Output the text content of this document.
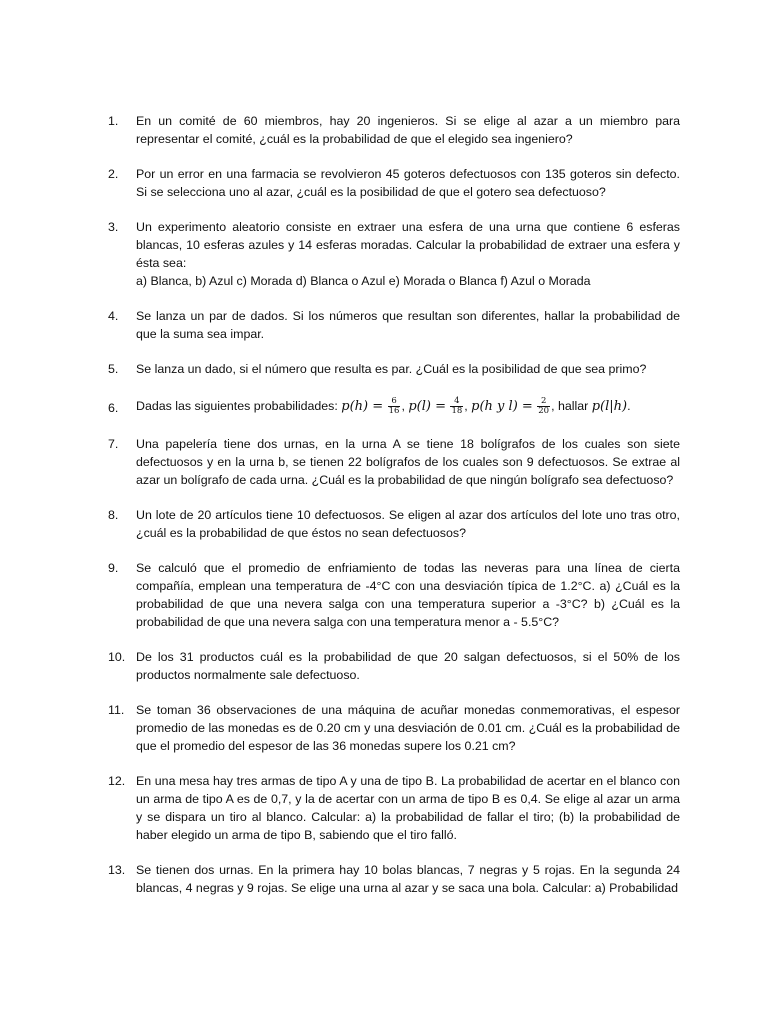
1.	En un comité de 60 miembros, hay 20 ingenieros. Si se elige al azar a un miembro para representar el comité, ¿cuál es la probabilidad de que el elegido sea ingeniero?
2.	Por un error en una farmacia se revolvieron 45 goteros defectuosos con 135 goteros sin defecto. Si se selecciona uno al azar, ¿cuál es la posibilidad de que el gotero sea defectuoso?
3.	Un experimento aleatorio consiste en extraer una esfera de una urna que contiene 6 esferas blancas, 10 esferas azules y 14 esferas moradas. Calcular la probabilidad de extraer una esfera y ésta sea:
a) Blanca, b) Azul c) Morada d) Blanca o Azul e) Morada o Blanca f) Azul o Morada
4.	Se lanza un par de dados. Si los números que resultan son diferentes, hallar la probabilidad de que la suma sea impar.
5.	Se lanza un dado, si el número que resulta es par. ¿Cuál es la posibilidad de que sea primo?
6.	Dadas las siguientes probabilidades: $p(h) = \frac{6}{16}$ , $p(l) = \frac{4}{18}$ , p(h y $l) = \frac{2}{20}$ , hallar p(l|h).
7.	Una papelería tiene dos urnas, en la urna A se tiene 18 bolígrafos de los cuales son siete defectuosos y en la urna b, se tienen 22 bolígrafos de los cuales son 9 defectuosos. Se extrae al azar un bolígrafo de cada urna. ¿Cuál es la probabilidad de que ningún bolígrafo sea defectuoso?
8.	Un lote de 20 artículos tiene 10 defectuosos. Se eligen al azar dos artículos del lote uno tras otro, ¿cuál es la probabilidad de que éstos no sean defectuosos?
9.	Se calculó que el promedio de enfriamiento de todas las neveras para una línea de cierta compañía, emplean una temperatura de -4°C con una desviación típica de 1.2°C. a) ¿Cuál es la probabilidad de que una nevera salga con una temperatura superior a -3°C? b) ¿Cuál es la probabilidad de que una nevera salga con una temperatura menor a - 5.5°C?
10. De los 31 productos cuál es la probabilidad de que 20 salgan defectuosos, si el 50% de los productos normalmente sale defectuoso.
11. Se toman 36 observaciones de una máquina de acuñar monedas conmemorativas, el espesor promedio de las monedas es de 0.20 cm y una desviación de 0.01 cm. ¿Cuál es la probabilidad de que el promedio del espesor de las 36 monedas supere los 0.21 cm?
12. En una mesa hay tres armas de tipo A y una de tipo B. La probabilidad de acertar en el blanco con un arma de tipo A es de 0,7, y la de acertar con un arma de tipo B es 0,4. Se elige al azar un arma y se dispara un tiro al blanco. Calcular: a) la probabilidad de fallar el tiro; (b) la probabilidad de haber elegido un arma de tipo B, sabiendo que el tiro falló.
13. Se tienen dos urnas. En la primera hay 10 bolas blancas, 7 negras y 5 rojas. En la segunda 24 blancas, 4 negras y 9 rojas. Se elige una urna al azar y se saca una bola. Calcular: a) Probabilidad
